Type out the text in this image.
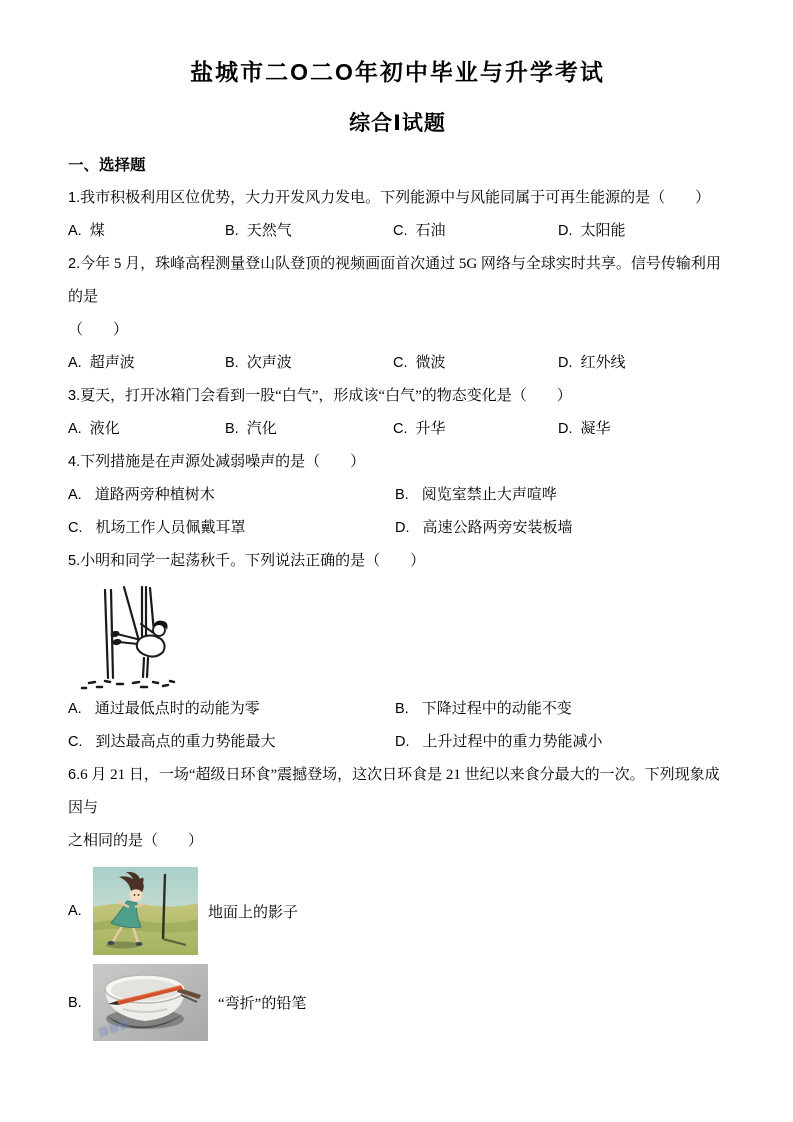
盐城市二O二O年初中毕业与升学考试
综合Ⅰ试题
一、选择题

1.我市积极利用区位优势，大力开发风力发电。下列能源中与风能同属于可再生能源的是（　　）

A. 煤	B. 天然气	C. 石油	D. 太阳能

2.今年 5 月，珠峰高程测量登山队登顶的视频画面首次通过 5G 网络与全球实时共享。信号传输利用的是

（　　）

A. 超声波	B. 次声波	C. 微波	D. 红外线

3.夏天，打开冰箱门会看到一股“白气”，形成该“白气”的物态变化是（　　）

A. 液化	B. 汽化	C. 升华	D. 凝华

4.下列措施是在声源处减弱噪声的是（　　）

A. 道路两旁种植树木	B. 阅览室禁止大声喧哗
C. 机场工作人员佩戴耳罩	D. 高速公路两旁安装板墙

5.小明和同学一起荡秋千。下列说法正确的是（　　）

A. 通过最低点时的动能为零	B. 下降过程中的动能不变
C. 到达最高点的重力势能最大	D. 上升过程中的重力势能减小

6.6 月 21 日，一场“超级日环食”震撼登场，这次日环食是 21 世纪以来食分最大的一次。下列现象成因与

之相同的是（　　）

A.	地面上的影子
B.	“弯折”的铅笔
